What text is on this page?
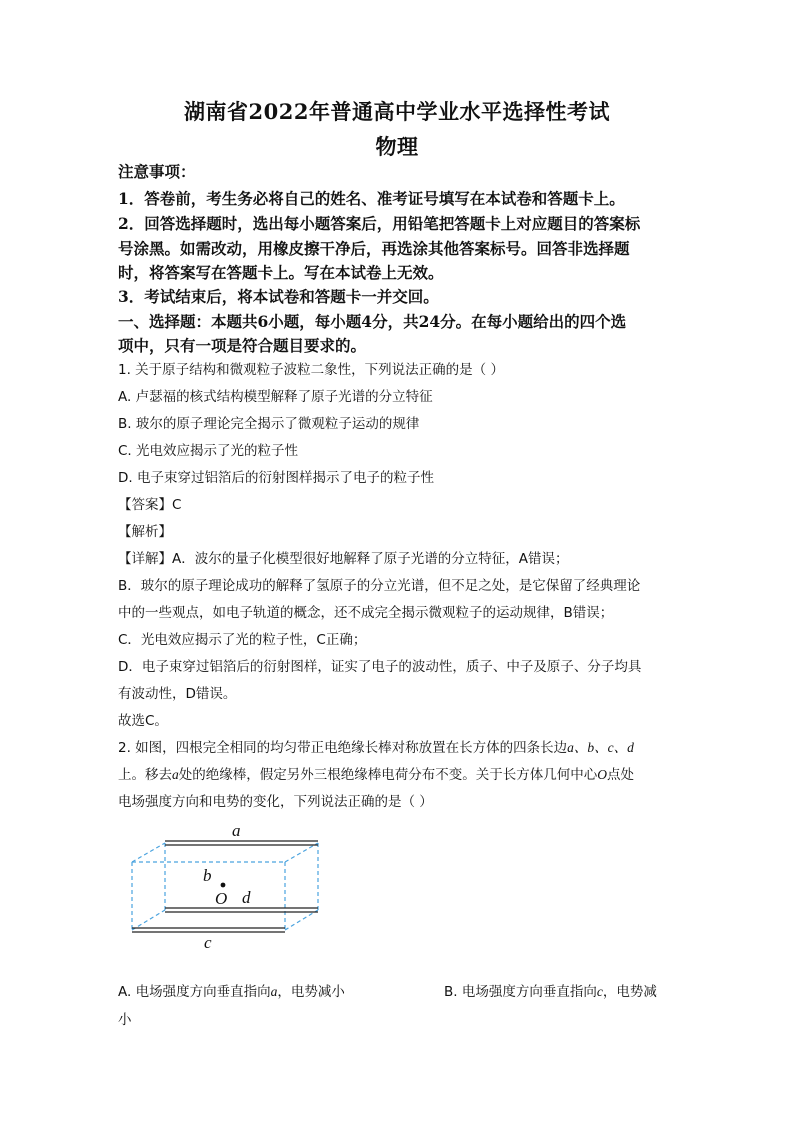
湖南省2022年普通高中学业水平选择性考试
物理
注意事项：
1．答卷前，考生务必将自己的姓名、准考证号填写在本试卷和答题卡上。
2．回答选择题时，选出每小题答案后，用铅笔把答题卡上对应题目的答案标
号涂黑。如需改动，用橡皮擦干净后，再选涂其他答案标号。回答非选择题
时，将答案写在答题卡上。写在本试卷上无效。
3．考试结束后，将本试卷和答题卡一并交回。
一、选择题：本题共6小题，每小题4分，共24分。在每小题给出的四个选
项中，只有一项是符合题目要求的。
1. 关于原子结构和微观粒子波粒二象性，下列说法正确的是（ ）
A. 卢瑟福的核式结构模型解释了原子光谱的分立特征
B. 玻尔的原子理论完全揭示了微观粒子运动的规律
C. 光电效应揭示了光的粒子性
D. 电子束穿过铝箔后的衍射图样揭示了电子的粒子性
【答案】C
【解析】
【详解】A．波尔的量子化模型很好地解释了原子光谱的分立特征，A错误；
B．玻尔的原子理论成功的解释了氢原子的分立光谱，但不足之处，是它保留了经典理论
中的一些观点，如电子轨道的概念，还不成完全揭示微观粒子的运动规律，B错误；
C．光电效应揭示了光的粒子性，C正确；
D．电子束穿过铝箔后的衍射图样，证实了电子的波动性，质子、中子及原子、分子均具
有波动性，D错误。
故选C。
2. 如图，四根完全相同的均匀带正电绝缘长棒对称放置在长方体的四条长边a、b、c、d
上。移去a处的绝缘棒，假定另外三根绝缘棒电荷分布不变。关于长方体几何中心O点处
电场强度方向和电势的变化，下列说法正确的是（ ）
a
b
O d
c
A. 电场强度方向垂直指向a，电势减小	B. 电场强度方向垂直指向c，电势减
小
